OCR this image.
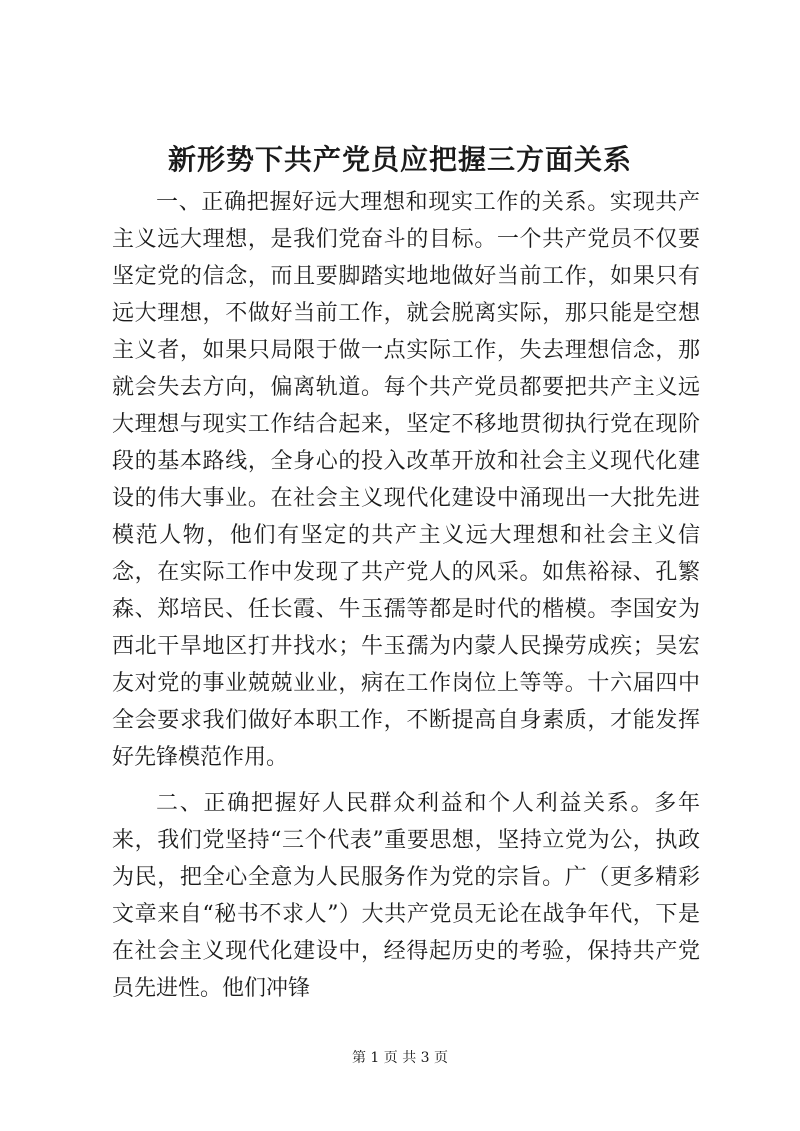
新形势下共产党员应把握三方面关系

一、正确把握好远大理想和现实工作的关系。实现共产主义远大理想，是我们党奋斗的目标。一个共产党员不仅要坚定党的信念，而且要脚踏实地地做好当前工作，如果只有远大理想，不做好当前工作，就会脱离实际，那只能是空想主义者，如果只局限于做一点实际工作，失去理想信念，那就会失去方向，偏离轨道。每个共产党员都要把共产主义远大理想与现实工作结合起来，坚定不移地贯彻执行党在现阶段的基本路线，全身心的投入改革开放和社会主义现代化建设的伟大事业。在社会主义现代化建设中涌现出一大批先进模范人物，他们有坚定的共产主义远大理想和社会主义信念，在实际工作中发现了共产党人的风采。如焦裕禄、孔繁森、郑培民、任长霞、牛玉孺等都是时代的楷模。李国安为西北干旱地区打井找水；牛玉孺为内蒙人民操劳成疾；吴宏友对党的事业兢兢业业，病在工作岗位上等等。十六届四中全会要求我们做好本职工作，不断提高自身素质，才能发挥好先锋模范作用。

二、正确把握好人民群众利益和个人利益关系。多年来，我们党坚持“三个代表”重要思想，坚持立党为公，执政为民，把全心全意为人民服务作为党的宗旨。广（更多精彩文章来自“秘书不求人”）大共产党员无论在战争年代，下是在社会主义现代化建设中，经得起历史的考验，保持共产党员先进性。他们冲锋

第 1 页 共 3 页
